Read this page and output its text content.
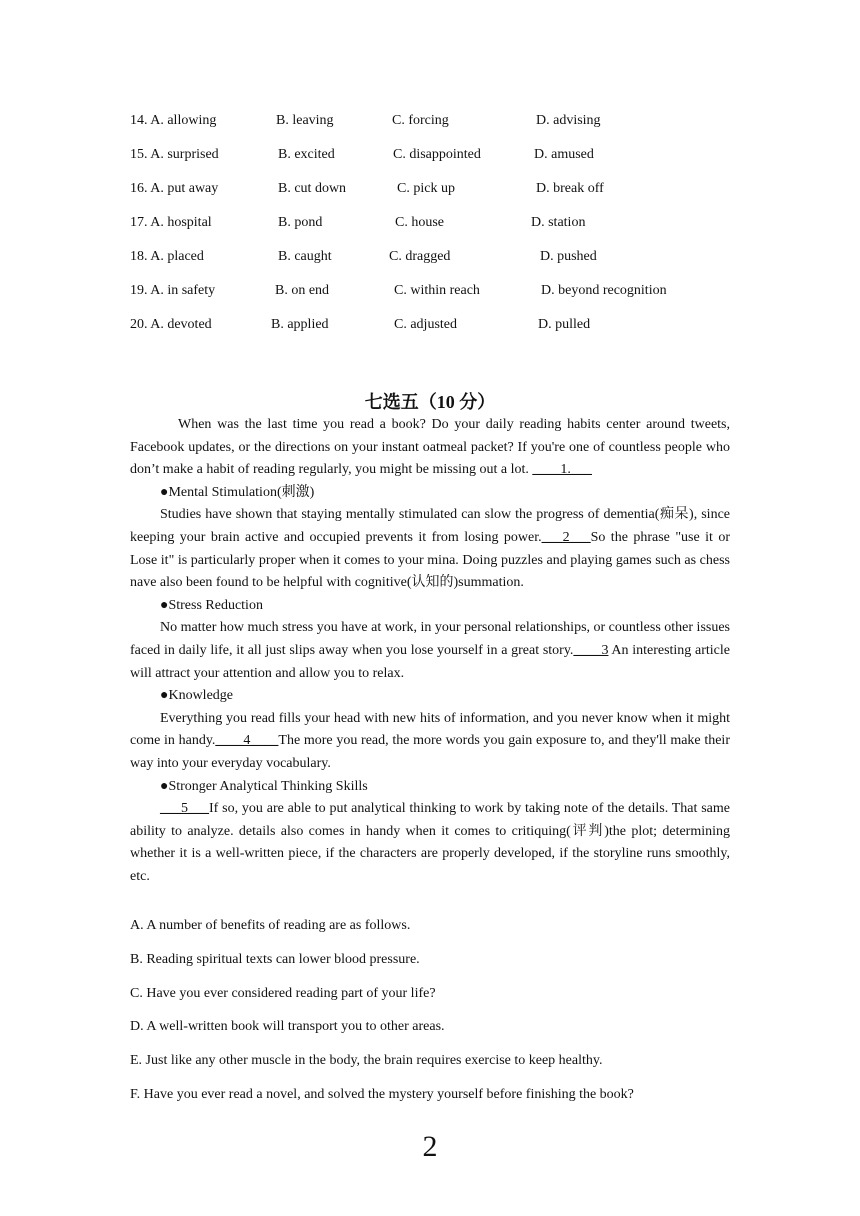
14. A. allowing	B. leaving	C. forcing	D. advising
15. A. surprised	B. excited	C. disappointed	D. amused
16. A. put away	B. cut down	C. pick up	D. break off
17. A. hospital	B. pond	C. house	D. station
18. A. placed	B. caught	C. dragged	D. pushed
19. A. in safety	B. on end	C. within reach	D. beyond recognition
20. A. devoted	B. applied	C. adjusted	D. pulled
七选五（10 分）

When was the last time you read a book? Do your daily reading habits center around tweets, Facebook updates, or the directions on your instant oatmeal packet? If you're one of countless people who don’t make a habit of reading regularly, you might be missing out a lot. ____1.___

●Mental Stimulation(刺激)

Studies have shown that staying mentally stimulated can slow the progress of dementia(痴呆), since keeping your brain active and occupied prevents it from losing power.___2___So the phrase "use it or Lose it" is particularly proper when it comes to your mina. Doing puzzles and playing games such as chess nave also been found to be helpful with cognitive(认知的)summation.

●Stress Reduction

No matter how much stress you have at work, in your personal relationships, or countless other issues faced in daily life, it all just slips away when you lose yourself in a great story.____3 An interesting article will attract your attention and allow you to relax.

●Knowledge

Everything you read fills your head with new hits of information, and you never know when it might come in handy.____4____The more you read, the more words you gain exposure to, and they'll make their way into your everyday vocabulary.

●Stronger Analytical Thinking Skills

___5___If so, you are able to put analytical thinking to work by taking note of the details. That same ability to analyze. details also comes in handy when it comes to critiquing(评判)the plot; determining whether it is a well-written piece, if the characters are properly developed, if the storyline runs smoothly, etc.

A. A number of benefits of reading are as follows.
B. Reading spiritual texts can lower blood pressure.
C. Have you ever considered reading part of your life?
D. A well-written book will transport you to other areas.
E. Just like any other muscle in the body, the brain requires exercise to keep healthy.
F. Have you ever read a novel, and solved the mystery yourself before finishing the book?
2
